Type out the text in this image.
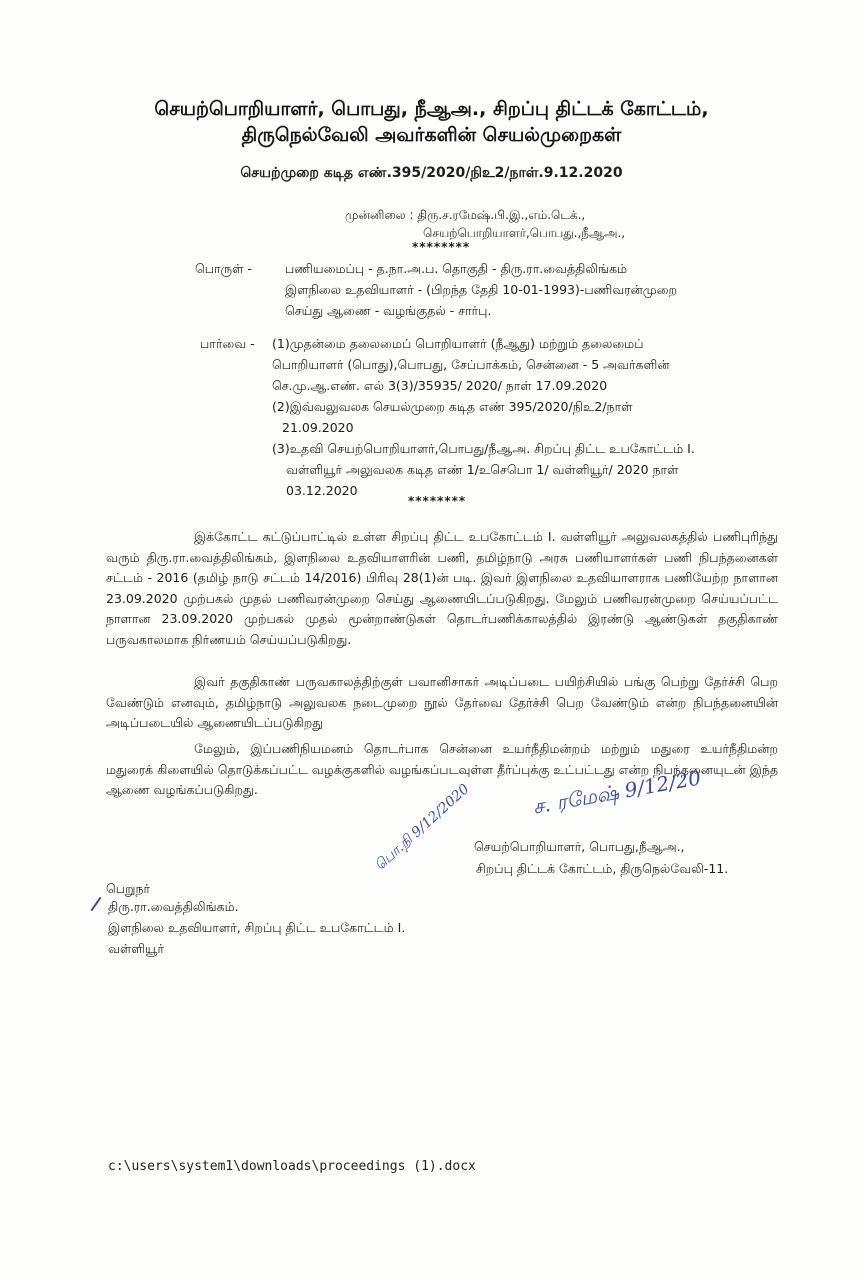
செயற்பொறியாளர், பொபது, நீஆஅ., சிறப்பு திட்டக் கோட்டம்,
திருநெல்வேலி அவர்களின் செயல்முறைகள்
செயற்முறை கடித எண்.395/2020/நிஉ2/நாள்.9.12.2020
முன்னிலை : திரு.ச.ரமேஷ்.பி.இ.,எம்.டெக்.,
செயற்பொறியாளர்,பொபது.,நீஆஅ.,
********
பொருள் -	பணியமைப்பு - த.நா.அ.ப. தொகுதி - திரு.ரா.வைத்திலிங்கம்
இளநிலை உதவியாளர் - (பிறந்த தேதி 10-01-1993)-பணிவரன்முறை
செய்து ஆணை - வழங்குதல் - சார்பு.
பார்வை - (1)முதன்மை தலைமைப் பொறியாளர் (நீஆது) மற்றும் தலைமைப்
பொறியாளர் (பொது),பொபது, சேப்பாக்கம், சென்னை - 5 அவர்களின்
செ.மு.ஆ.எண். எல் 3(3)/35935/ 2020/ நாள் 17.09.2020
(2)இவ்வலுவலக செயல்முறை கடித எண் 395/2020/நிஉ2/நாள்
21.09.2020
(3)உதவி செயற்பொறியாளர்,பொபது/நீஆஅ. சிறப்பு திட்ட உபகோட்டம் I.
வள்ளியூர் அலுவலக கடித எண் 1/உசெபொ 1/ வள்ளியூர்/ 2020 நாள்
03.12.2020
********

இக்கோட்ட கட்டுப்பாட்டில் உள்ள சிறப்பு திட்ட உபகோட்டம் I. வள்ளியூர் அலுவலகத்தில் பணிபுரிந்து வரும் திரு.ரா.வைத்திலிங்கம், இளநிலை உதவியாளரின் பணி, தமிழ்நாடு அரசு பணியாளர்கள் பணி நிபந்தனைகள் சட்டம் - 2016 (தமிழ் நாடு சட்டம் 14/2016) பிரிவு 28(1)ன் படி. இவர் இளநிலை உதவியாளராக பணியேற்ற நாளான 23.09.2020 முற்பகல் முதல் பணிவரன்முறை செய்து ஆணையிடப்படுகிறது. மேலும் பணிவரன்முறை செய்யப்பட்ட நாளான 23.09.2020 முற்பகல் முதல் மூன்றாண்டுகள் தொடர்பணிக்காலத்தில் இரண்டு ஆண்டுகள் தகுதிகாண் பருவகாலமாக நிர்ணயம் செய்யப்படுகிறது.

இவர் தகுதிகாண் பருவகாலத்திற்குள் பவானிசாகர் அடிப்படை பயிற்சியில் பங்கு பெற்று தேர்ச்சி பெற வேண்டும் எனவும், தமிழ்நாடு அலுவலக நடைமுறை நூல் தேர்வை தேர்ச்சி பெற வேண்டும் என்ற நிபந்தனையின் அடிப்படையில் ஆணையிடப்படுகிறது

மேலும், இப்பணிநியமனம் தொடர்பாக சென்னை உயர்நீதிமன்றம் மற்றும் மதுரை உயர்நீதிமன்ற மதுரைக் கிளையில் தொடுக்கப்பட்ட வழக்குகளில் வழங்கப்படவுள்ள தீர்ப்புக்கு உட்பட்டது என்ற நிபந்தனையுடன் இந்த ஆணை வழங்கப்படுகிறது.	ச. ரமேஷ் 9/12/20
செயற்பொறியாளர், பொபது,நீஆஅ.,
சிறப்பு திட்டக் கோட்டம், திருநெல்வேலி-11.
பொ.நி 9/12/2020
பெறுநர்
திரு.ரா.வைத்திலிங்கம்.
இளநிலை உதவியாளர், சிறப்பு திட்ட உபகோட்டம் I.
வள்ளியூர்
c:\users\system1\downloads\proceedings (1).docx
